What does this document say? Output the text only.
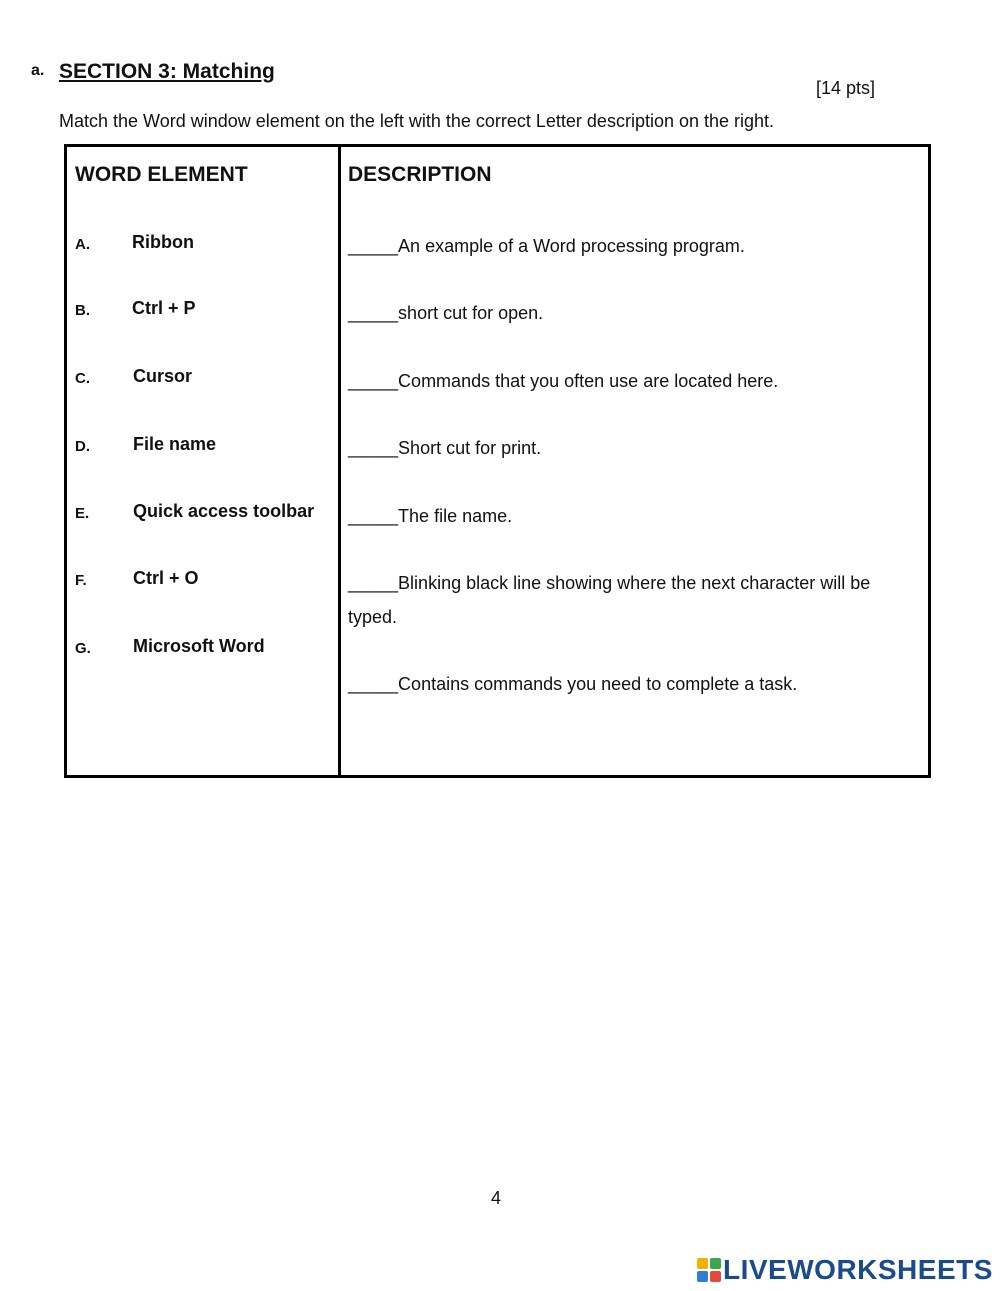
a. SECTION 3: Matching
[14 pts]
Match the Word window element on the left with the correct Letter description on the right.
WORD ELEMENT	DESCRIPTION
A. Ribbon
B. Ctrl + P
C. Cursor
D. File name
E. Quick access toolbar
F.	Ctrl + O
G. Microsoft Word
_____An example of a Word processing program.
_____short cut for open.
_____Commands that you often use are located here.
_____Short cut for print.
_____The file name.
_____Blinking black line showing where the next character will be typed.
_____Contains commands you need to complete a task.
4
LIVEWORKSHEETS
